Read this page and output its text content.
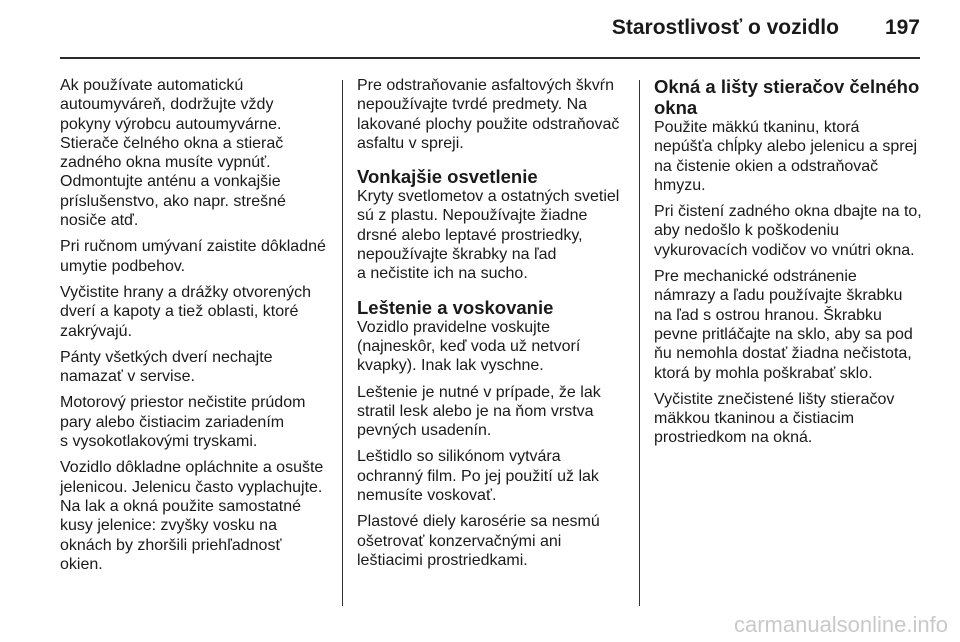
Starostlivosť o vozidlo 197

Ak používate automatickú
autoumyváreň, dodržujte vždy
pokyny výrobcu autoumyvárne.
Stierače čelného okna a stierač
zadného okna musíte vypnúť.
Odmontujte anténu a vonkajšie
príslušenstvo, ako napr. strešné
nosiče atď.

Pri ručnom umývaní zaistite dôkladné
umytie podbehov.

Vyčistite hrany a drážky otvorených
dverí a kapoty a tiež oblasti, ktoré
zakrývajú.

Pánty všetkých dverí nechajte
namazať v servise.

Motorový priestor nečistite prúdom
pary alebo čistiacim zariadením
s vysokotlakovými tryskami.

Vozidlo dôkladne opláchnite a osušte
jelenicou. Jelenicu často vyplachujte.
Na lak a okná použite samostatné
kusy jelenice: zvyšky vosku na
oknách by zhoršili priehľadnosť
okien.

Pre odstraňovanie asfaltových škvŕn
nepoužívajte tvrdé predmety. Na
lakované plochy použite odstraňovač
asfaltu v spreji.

Vonkajšie osvetlenie

Kryty svetlometov a ostatných svetiel
sú z plastu. Nepoužívajte žiadne
drsné alebo leptavé prostriedky,
nepoužívajte škrabky na ľad
a nečistite ich na sucho.

Leštenie a voskovanie

Vozidlo pravidelne voskujte
(najneskôr, keď voda už netvorí
kvapky). Inak lak vyschne.

Leštenie je nutné v prípade, že lak
stratil lesk alebo je na ňom vrstva
pevných usadenín.

Leštidlo so silikónom vytvára
ochranný film. Po jej použití už lak
nemusíte voskovať.

Plastové diely karosérie sa nesmú
ošetrovať konzervačnými ani
leštiacimi prostriedkami.

Okná a lišty stieračov čelného
okna

Použite mäkkú tkaninu, ktorá
nepúšťa chĺpky alebo jelenicu a sprej
na čistenie okien a odstraňovač
hmyzu.

Pri čistení zadného okna dbajte na to,
aby nedošlo k poškodeniu
vykurovacích vodičov vo vnútri okna.

Pre mechanické odstránenie
námrazy a ľadu používajte škrabku
na ľad s ostrou hranou. Škrabku
pevne pritláčajte na sklo, aby sa pod
ňu nemohla dostať žiadna nečistota,
ktorá by mohla poškrabať sklo.

Vyčistite znečistené lišty stieračov
mäkkou tkaninou a čistiacim
prostriedkom na okná.

carmanualsonline.info
